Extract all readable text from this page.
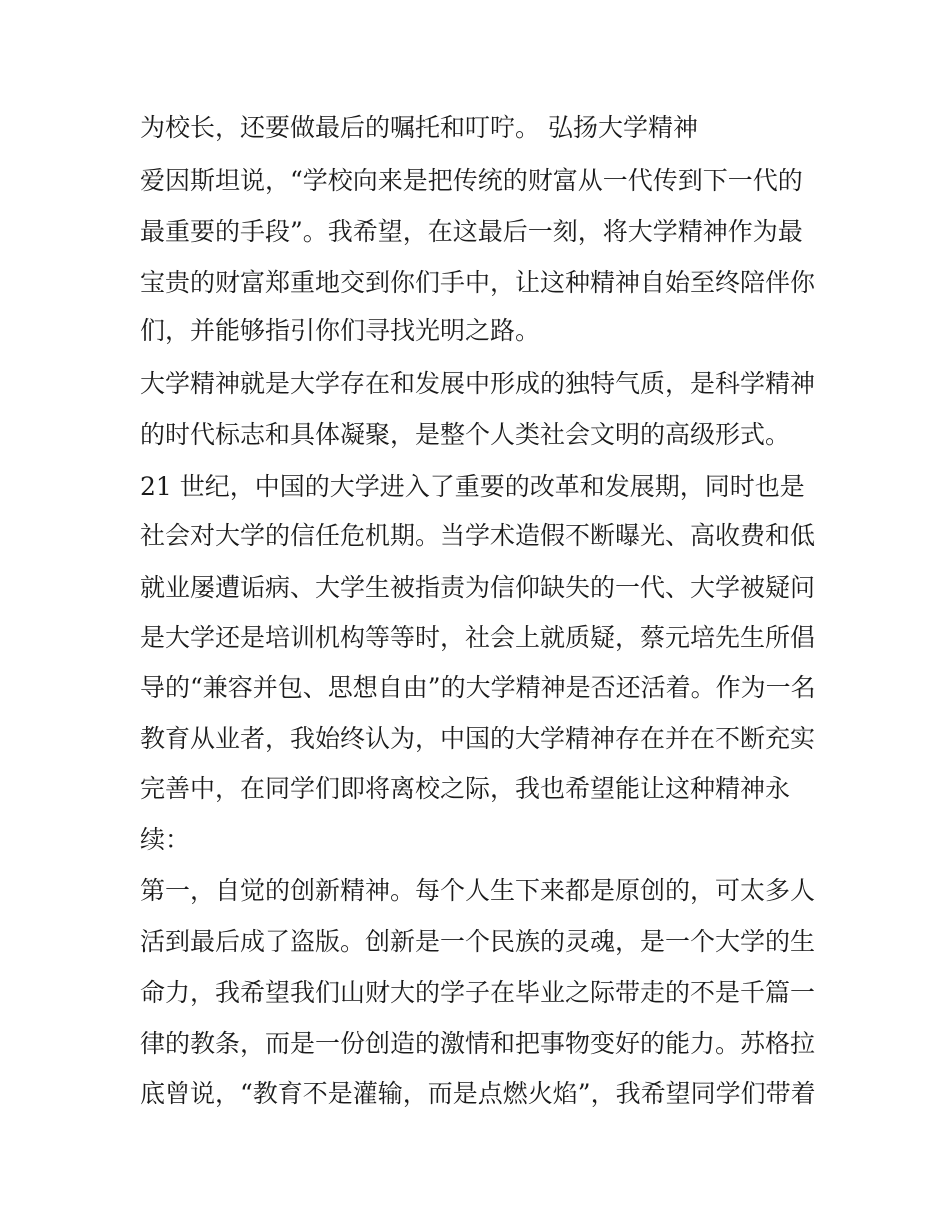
为校长，还要做最后的嘱托和叮咛。 弘扬大学精神
爱因斯坦说，“学校向来是把传统的财富从一代传到下一代的
最重要的手段”。我希望，在这最后一刻，将大学精神作为最
宝贵的财富郑重地交到你们手中，让这种精神自始至终陪伴你
们，并能够指引你们寻找光明之路。
大学精神就是大学存在和发展中形成的独特气质，是科学精神
的时代标志和具体凝聚，是整个人类社会文明的高级形式。
21 世纪，中国的大学进入了重要的改革和发展期，同时也是
社会对大学的信任危机期。当学术造假不断曝光、高收费和低
就业屡遭诟病、大学生被指责为信仰缺失的一代、大学被疑问
是大学还是培训机构等等时，社会上就质疑，蔡元培先生所倡
导的“兼容并包、思想自由”的大学精神是否还活着。作为一名
教育从业者，我始终认为，中国的大学精神存在并在不断充实
完善中，在同学们即将离校之际，我也希望能让这种精神永
续：
第一，自觉的创新精神。每个人生下来都是原创的，可太多人
活到最后成了盗版。创新是一个民族的灵魂，是一个大学的生
命力，我希望我们山财大的学子在毕业之际带走的不是千篇一
律的教条，而是一份创造的激情和把事物变好的能力。苏格拉
底曾说，“教育不是灌输，而是点燃火焰”，我希望同学们带着
